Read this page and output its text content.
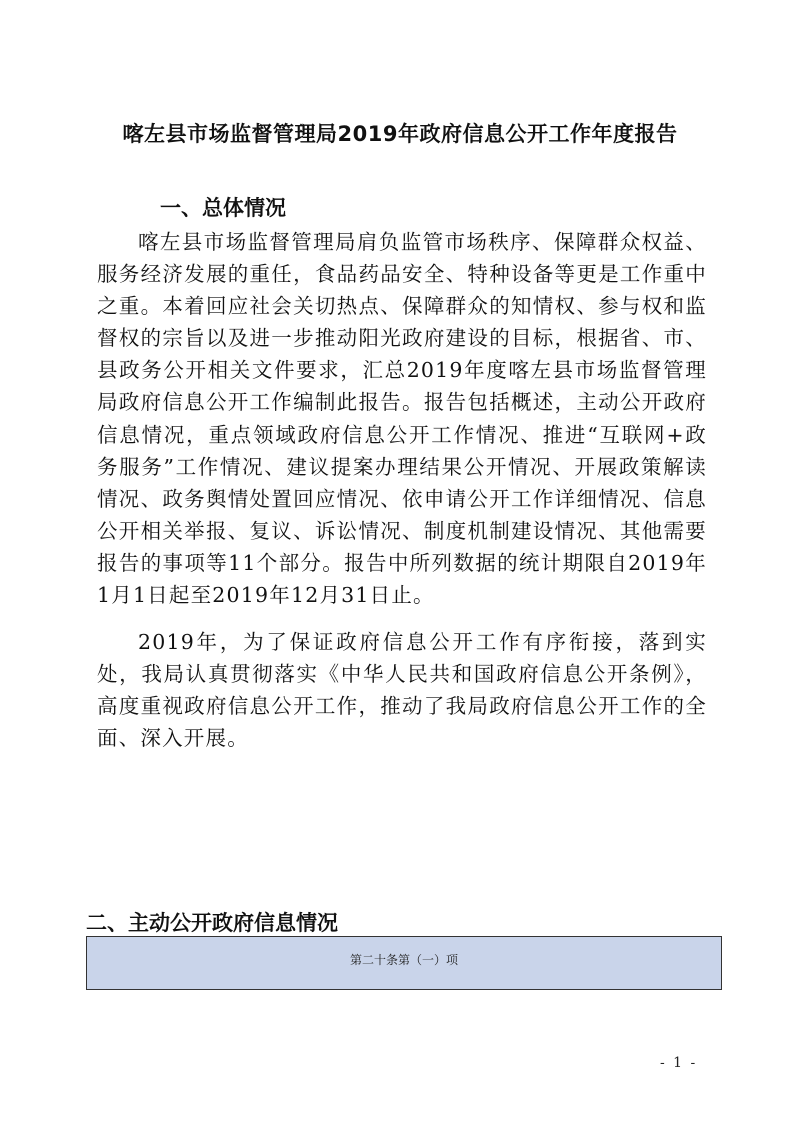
喀左县市场监督管理局2019年政府信息公开工作年度报告
一、总体情况
喀左县市场监督管理局肩负监管市场秩序、保障群众权益、服务经济发展的重任，食品药品安全、特种设备等更是工作重中之重。本着回应社会关切热点、保障群众的知情权、参与权和监督权的宗旨以及进一步推动阳光政府建设的目标，根据省、市、县政务公开相关文件要求，汇总2019年度喀左县市场监督管理局政府信息公开工作编制此报告。报告包括概述，主动公开政府信息情况，重点领域政府信息公开工作情况、推进“互联网+政务服务”工作情况、建议提案办理结果公开情况、开展政策解读情况、政务舆情处置回应情况、依申请公开工作详细情况、信息公开相关举报、复议、诉讼情况、制度机制建设情况、其他需要报告的事项等11个部分。报告中所列数据的统计期限自2019年1月1日起至2019年12月31日止。
2019年，为了保证政府信息公开工作有序衔接，落到实处，我局认真贯彻落实《中华人民共和国政府信息公开条例》，高度重视政府信息公开工作，推动了我局政府信息公开工作的全面、深入开展。
二、主动公开政府信息情况
第二十条第（一）项
- 1 -
